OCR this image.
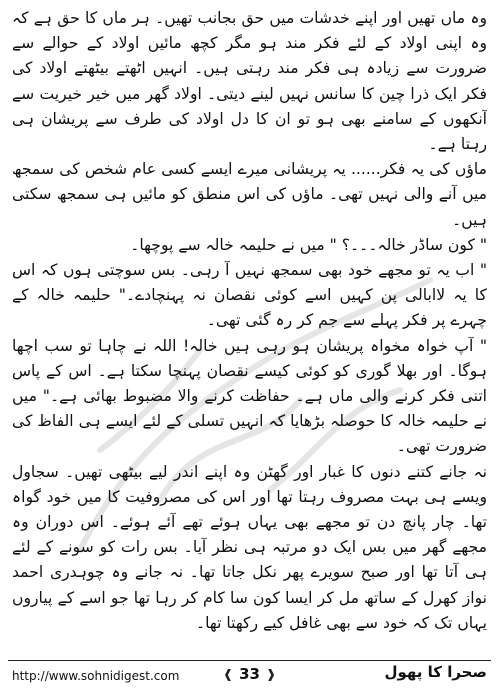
وہ ماں تھیں اور اپنے خدشات میں حق بجانب تھیں۔ ہر ماں کا حق ہے کہ وہ اپنی اولاد کے لئے فکر مند ہو مگر کچھ مائیں اولاد کے حوالے سے ضرورت سے زیادہ ہی فکر مند رہتی ہیں۔ انہیں اٹھتے بیٹھتے اولاد کی فکر ایک ذرا چین کا سانس نہیں لینے دیتی۔ اولاد گھر میں خیر خیریت سے آنکھوں کے سامنے بھی ہو تو ان کا دل اولاد کی طرف سے پریشان ہی رہتا ہے۔

ماؤں کی یہ فکر...... یہ پریشانی میرے ایسے کسی عام شخص کی سمجھ میں آنے والی نہیں تھی۔ ماؤں کی اس منطق کو مائیں ہی سمجھ سکتی ہیں۔

" کون ساڈر خالہ۔۔۔؟ " میں نے حلیمہ خالہ سے پوچھا۔

" اب یہ تو مجھے خود بھی سمجھ نہیں آ رہی۔ بس سوچتی ہوں کہ اس کا یہ لاابالی پن کہیں اسے کوئی نقصان نہ پہنچادے۔" حلیمہ خالہ کے چہرے پر فکر پہلے سے جم کر رہ گئی تھی۔

" آپ خواہ مخواہ پریشان ہو رہی ہیں خالہ! اللہ نے چاہا تو سب اچھا ہوگا۔ اور بھلا گوری کو کوئی کیسے نقصان پہنچا سکتا ہے۔ اس کے پاس اتنی فکر کرنے والی ماں ہے۔ حفاظت کرنے والا مضبوط بھائی ہے۔" میں نے حلیمہ خالہ کا حوصلہ بڑھایا کہ انہیں تسلی کے لئے ایسے ہی الفاظ کی ضرورت تھی۔

نہ جانے کتنے دنوں کا غبار اور گھٹن وہ اپنے اندر لیے بیٹھی تھیں۔ سجاول ویسے ہی بہت مصروف رہتا تھا اور اس کی مصروفیت کا میں خود گواہ تھا۔ چار پانچ دن تو مجھے بھی یہاں ہوئے تھے آئے ہوئے۔ اس دوران وہ مجھے گھر میں بس ایک دو مرتبہ ہی نظر آیا۔ بس رات کو سونے کے لئے ہی آتا تھا اور صبح سویرے پھر نکل جاتا تھا۔ نہ جانے وہ چوہدری احمد نواز کھرل کے ساتھ مل کر ایسا کون سا کام کر رہا تھا جو اسے کے پیاروں یہاں تک کہ خود سے بھی غافل کیے رکھتا تھا۔

http://www.sohnidigest.com	❰ 33 ❱	صحرا کا پھول
